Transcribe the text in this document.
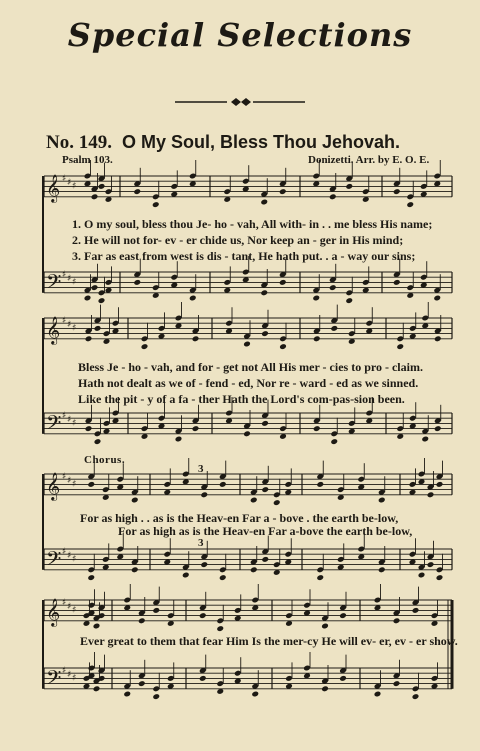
Special Selections
No. 149. O My Soul, Bless Thou Jehovah.
Psalm 103.	Donizetti. Arr. by E. O. E.
𝄞 ♯ ♯ ♯
𝄢 ♯ ♯ ♯
𝄞 ♯ ♯ ♯
𝄢 ♯ ♯ ♯
𝄞 ♯ ♯ ♯
𝄢 ♯ ♯ ♯
𝄞 ♯ ♯ ♯
𝄢 ♯ ♯ ♯
1. O my soul, bless thou Je- ho - vah, All with- in . . me bless His name;
2. He will not for- ev - er chide us, Nor keep an - ger in His mind;
3. Far as east from west is dis - tant, He hath put. . a - way our sins;
Bless Je - ho - vah, and for - get not All His mer - cies to pro - claim.
Hath not dealt as we of - fend - ed, Nor re - ward - ed as we sinned.
Like the pit - y of a fa - ther Hath the Lord's com-pas-sion been.
Chorus.
For as high . . as is the Heav-en Far a - bove . the earth be-low,
For as high as is the Heav-en Far a-bove the earth be-low,
Ever great to them that fear Him Is the mer-cy He will ev- er, ev - er show.
3
3
